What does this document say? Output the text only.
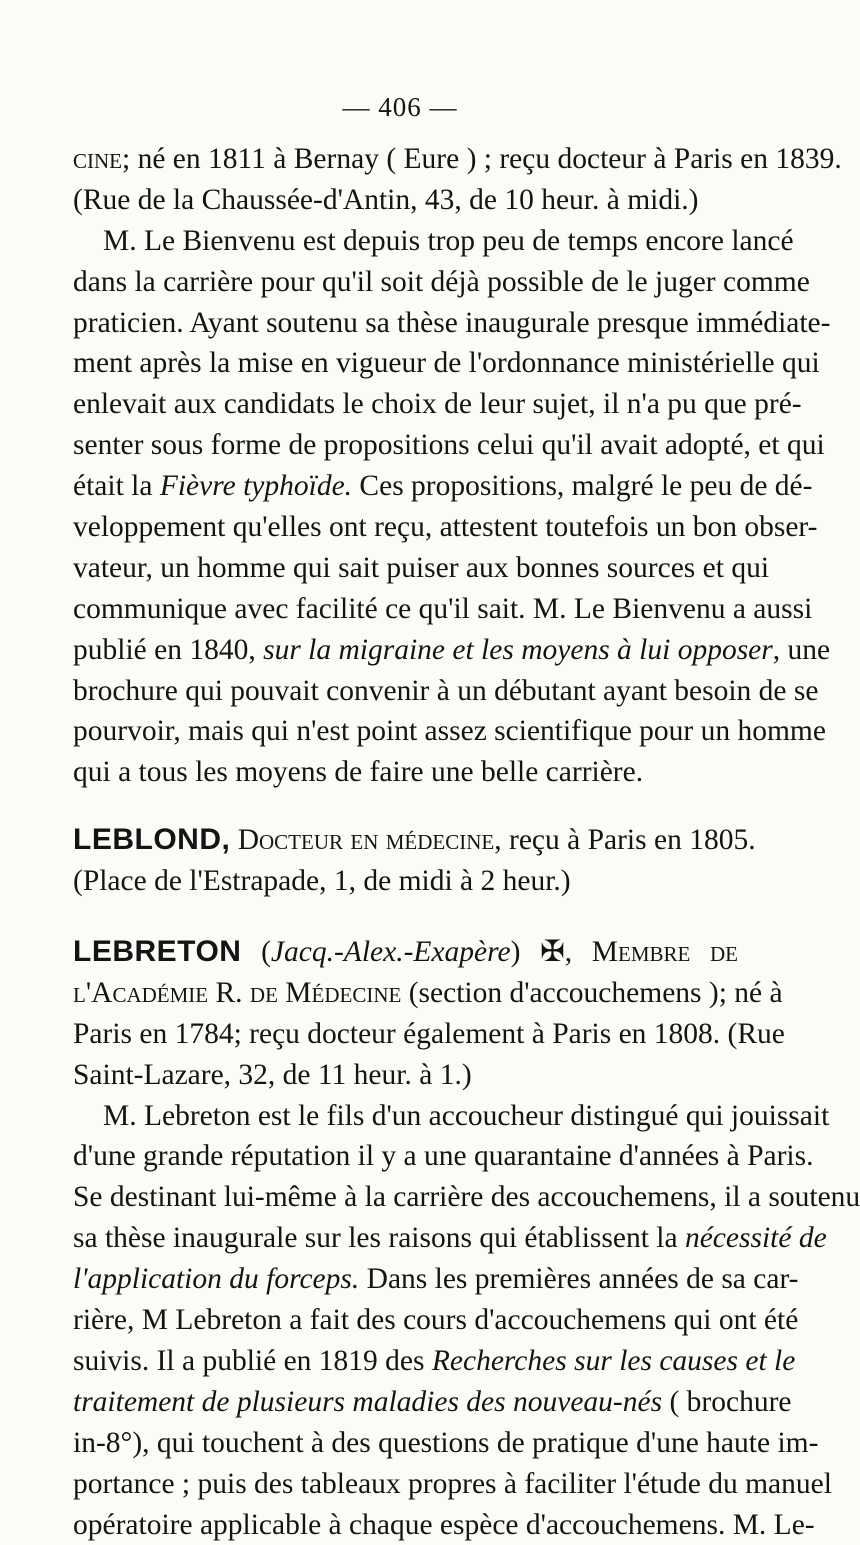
— 406 —
cine; né en 1811 à Bernay ( Eure ) ; reçu docteur à Paris en 1839.
(Rue de la Chaussée-d'Antin, 43, de 10 heur. à midi.)
M. Le Bienvenu est depuis trop peu de temps encore lancé
dans la carrière pour qu'il soit déjà possible de le juger comme
praticien. Ayant soutenu sa thèse inaugurale presque immédiate-
ment après la mise en vigueur de l'ordonnance ministérielle qui
enlevait aux candidats le choix de leur sujet, il n'a pu que pré-
senter sous forme de propositions celui qu'il avait adopté, et qui
était la Fièvre typhoïde. Ces propositions, malgré le peu de dé-
veloppement qu'elles ont reçu, attestent toutefois un bon obser-
vateur, un homme qui sait puiser aux bonnes sources et qui
communique avec facilité ce qu'il sait. M. Le Bienvenu a aussi
publié en 1840, sur la migraine et les moyens à lui opposer, une
brochure qui pouvait convenir à un débutant ayant besoin de se
pourvoir, mais qui n'est point assez scientifique pour un homme
qui a tous les moyens de faire une belle carrière.
LEBLOND, Docteur en médecine, reçu à Paris en 1805.
(Place de l'Estrapade, 1, de midi à 2 heur.)
LEBRETON (Jacq.-Alex.-Exapère) ✠, Membre de
l'Académie R. de Médecine (section d'accouchemens ); né à
Paris en 1784; reçu docteur également à Paris en 1808. (Rue
Saint-Lazare, 32, de 11 heur. à 1.)
M. Lebreton est le fils d'un accoucheur distingué qui jouissait
d'une grande réputation il y a une quarantaine d'années à Paris.
Se destinant lui-même à la carrière des accouchemens, il a soutenu
sa thèse inaugurale sur les raisons qui établissent la nécessité de
l'application du forceps. Dans les premières années de sa car-
rière, M Lebreton a fait des cours d'accouchemens qui ont été
suivis. Il a publié en 1819 des Recherches sur les causes et le
traitement de plusieurs maladies des nouveau-nés ( brochure
in-8°), qui touchent à des questions de pratique d'une haute im-
portance ; puis des tableaux propres à faciliter l'étude du manuel
opératoire applicable à chaque espèce d'accouchemens. M. Le-
